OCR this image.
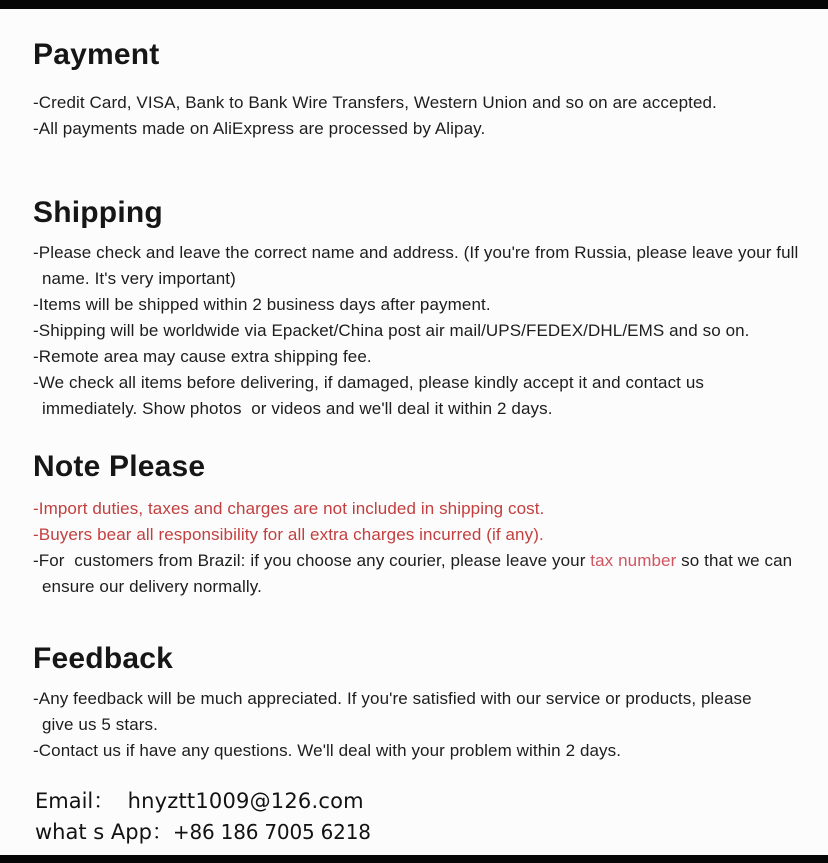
Payment
-Credit Card, VISA, Bank to Bank Wire Transfers, Western Union and so on are accepted.
-All payments made on AliExpress are processed by Alipay.
Shipping
-Please check and leave the correct name and address. (If you're from Russia, please leave your full
name. It's very important)
-Items will be shipped within 2 business days after payment.
-Shipping will be worldwide via Epacket/China post air mail/UPS/FEDEX/DHL/EMS and so on.
-Remote area may cause extra shipping fee.
-We check all items before delivering, if damaged, please kindly accept it and contact us
immediately. Show photos  or videos and we'll deal it within 2 days.
Note Please
-Import duties, taxes and charges are not included in shipping cost.
-Buyers bear all responsibility for all extra charges incurred (if any).
-For  customers from Brazil: if you choose any courier, please leave your tax number so that we can
ensure our delivery normally.
Feedback
-Any feedback will be much appreciated. If you're satisfied with our service or products, please
give us 5 stars.
-Contact us if have any questions. We'll deal with your problem within 2 days.
Email：  hnyztt1009@126.com
what s App：+86 186 7005 6218
